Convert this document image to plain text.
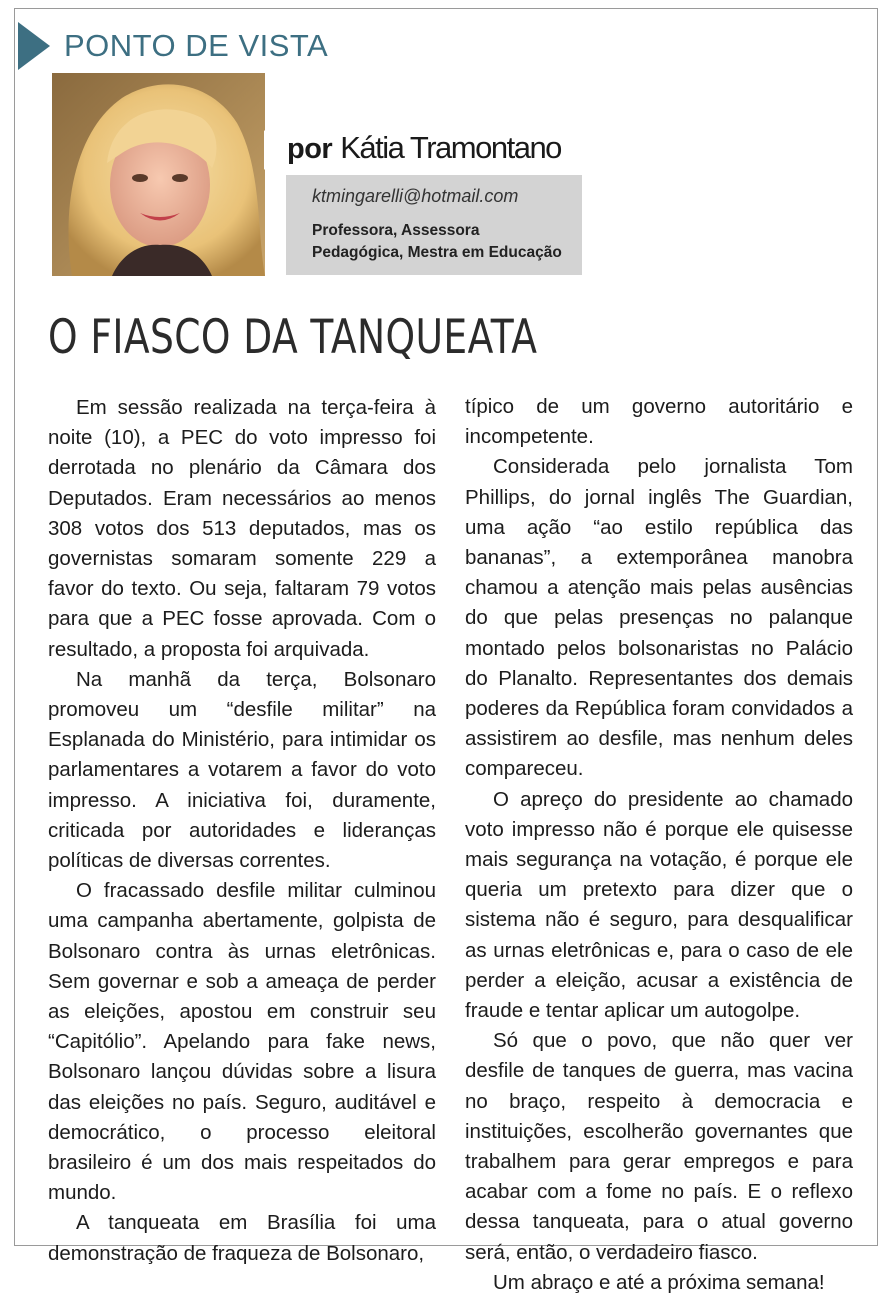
PONTO DE VISTA
por Kátia Tramontano
ktmingarelli@hotmail.com
Professora, Assessora
Pedagógica, Mestra em Educação
O FIASCO DA TANQUEATA

Em sessão realizada na terça-feira à noite (10), a PEC do voto impresso foi derrotada no plenário da Câmara dos Deputados. Eram necessários ao menos 308 votos dos 513 deputados, mas os governistas somaram somente 229 a favor do texto. Ou seja, faltaram 79 votos para que a PEC fosse aprovada. Com o resultado, a proposta foi arquivada.

Na manhã da terça, Bolsonaro promoveu um “desfile militar” na Esplanada do Ministério, para intimidar os parlamentares a votarem a favor do voto impresso. A iniciativa foi, duramente, criticada por autoridades e lideranças políticas de diversas correntes.

O fracassado desfile militar culminou uma campanha abertamente, golpista de Bolsonaro contra às urnas eletrônicas. Sem governar e sob a ameaça de perder as eleições, apostou em construir seu “Capitólio”. Apelando para fake news, Bolsonaro lançou dúvidas sobre a lisura das eleições no país. Seguro, auditável e democrático, o processo eleitoral brasileiro é um dos mais respeitados do mundo.

A tanqueata em Brasília foi uma demonstração de fraqueza de Bolsonaro,

típico de um governo autoritário e incompetente.

Considerada pelo jornalista Tom Phillips, do jornal inglês The Guardian, uma ação “ao estilo república das bananas”, a extemporânea manobra chamou a atenção mais pelas ausências do que pelas presenças no palanque montado pelos bolsonaristas no Palácio do Planalto. Representantes dos demais poderes da República foram convidados a assistirem ao desfile, mas nenhum deles compareceu.

O apreço do presidente ao chamado voto impresso não é porque ele quisesse mais segurança na votação, é porque ele queria um pretexto para dizer que o sistema não é seguro, para desqualificar as urnas eletrônicas e, para o caso de ele perder a eleição, acusar a existência de fraude e tentar aplicar um autogolpe.

Só que o povo, que não quer ver desfile de tanques de guerra, mas vacina no braço, respeito à democracia e instituições, escolherão governantes que trabalhem para gerar empregos e para acabar com a fome no país. E o reflexo dessa tanqueata, para o atual governo será, então, o verdadeiro fiasco.

Um abraço e até a próxima semana!
